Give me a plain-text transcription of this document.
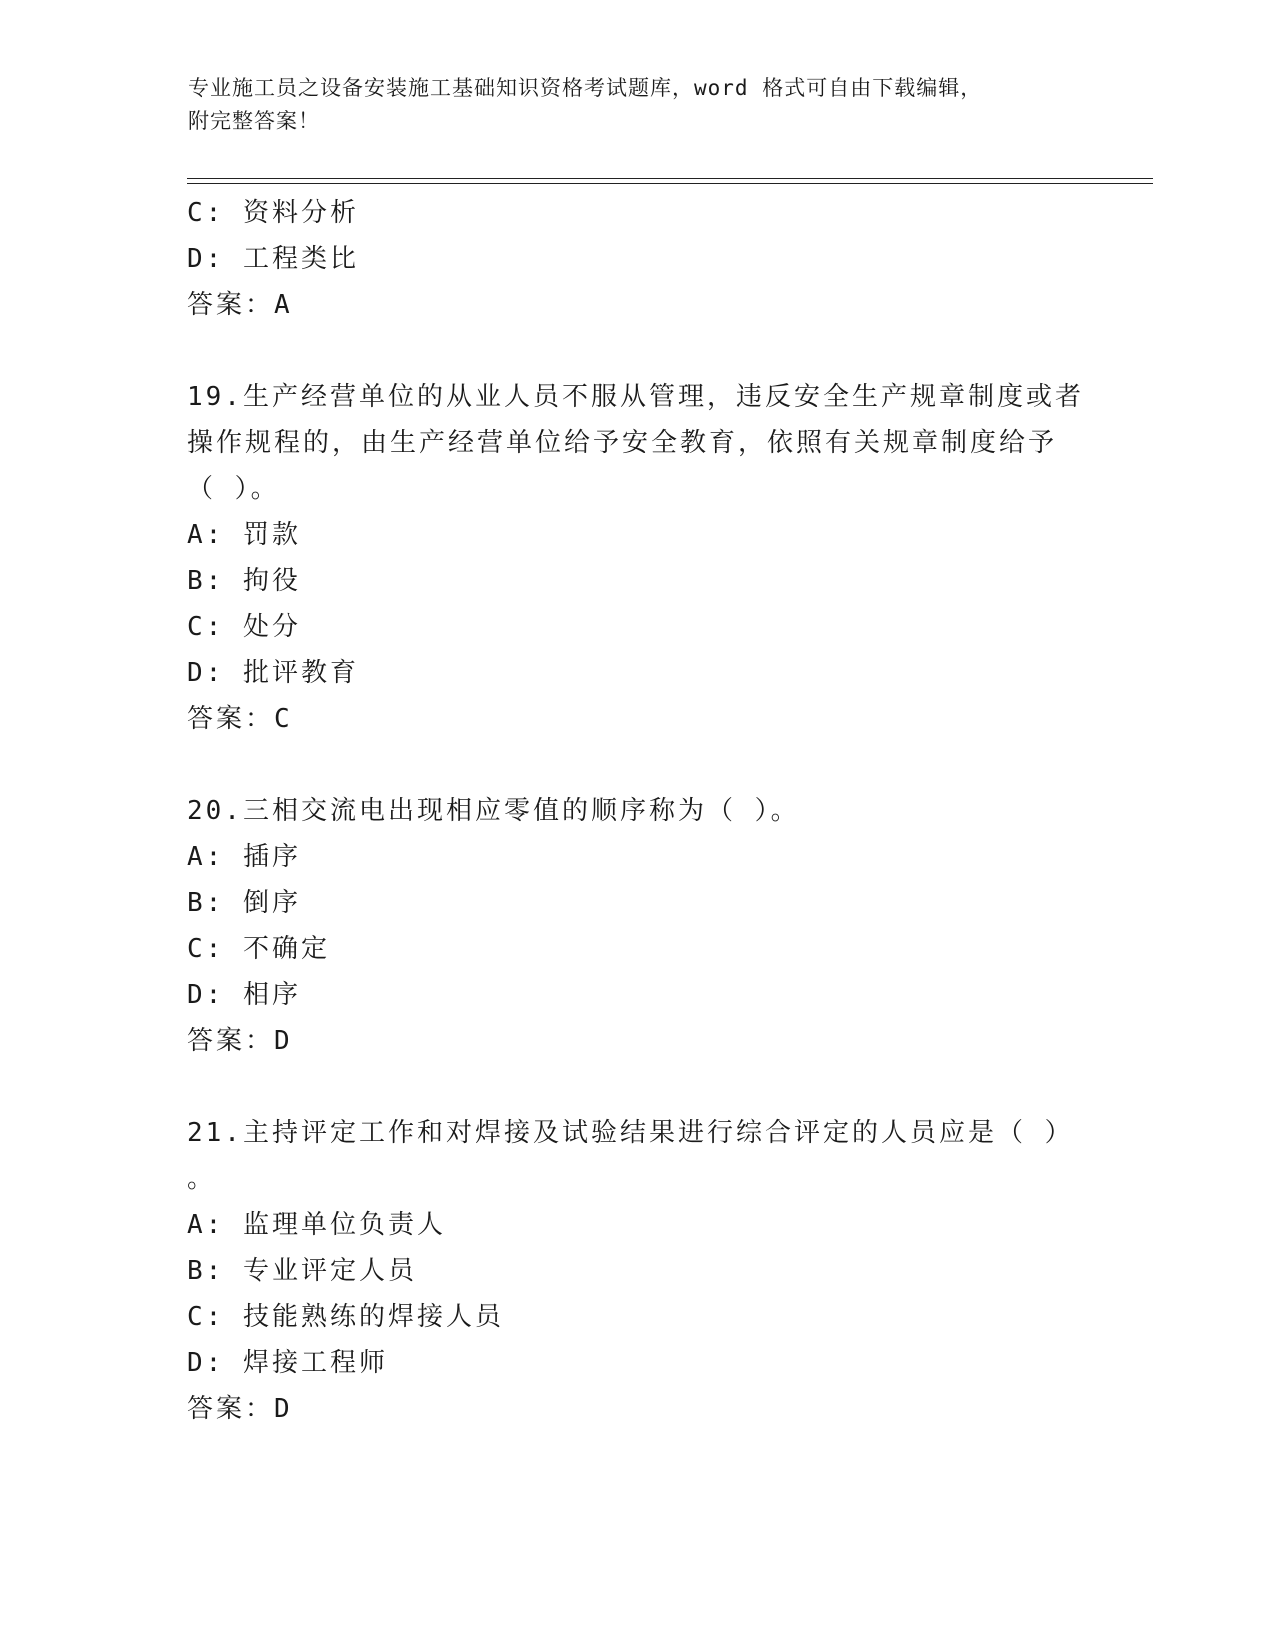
专业施工员之设备安装施工基础知识资格考试题库，word 格式可自由下载编辑，
附完整答案！
C: 资料分析
D: 工程类比
答案：A
19.生产经营单位的从业人员不服从管理，违反安全生产规章制度或者
操作规程的，由生产经营单位给予安全教育，依照有关规章制度给予
（ ）。
A: 罚款
B: 拘役
C: 处分
D: 批评教育
答案：C
20.三相交流电出现相应零值的顺序称为（ ）。
A: 插序
B: 倒序
C: 不确定
D: 相序
答案：D
21.主持评定工作和对焊接及试验结果进行综合评定的人员应是（ ）
。
A: 监理单位负责人
B: 专业评定人员
C: 技能熟练的焊接人员
D: 焊接工程师
答案：D
